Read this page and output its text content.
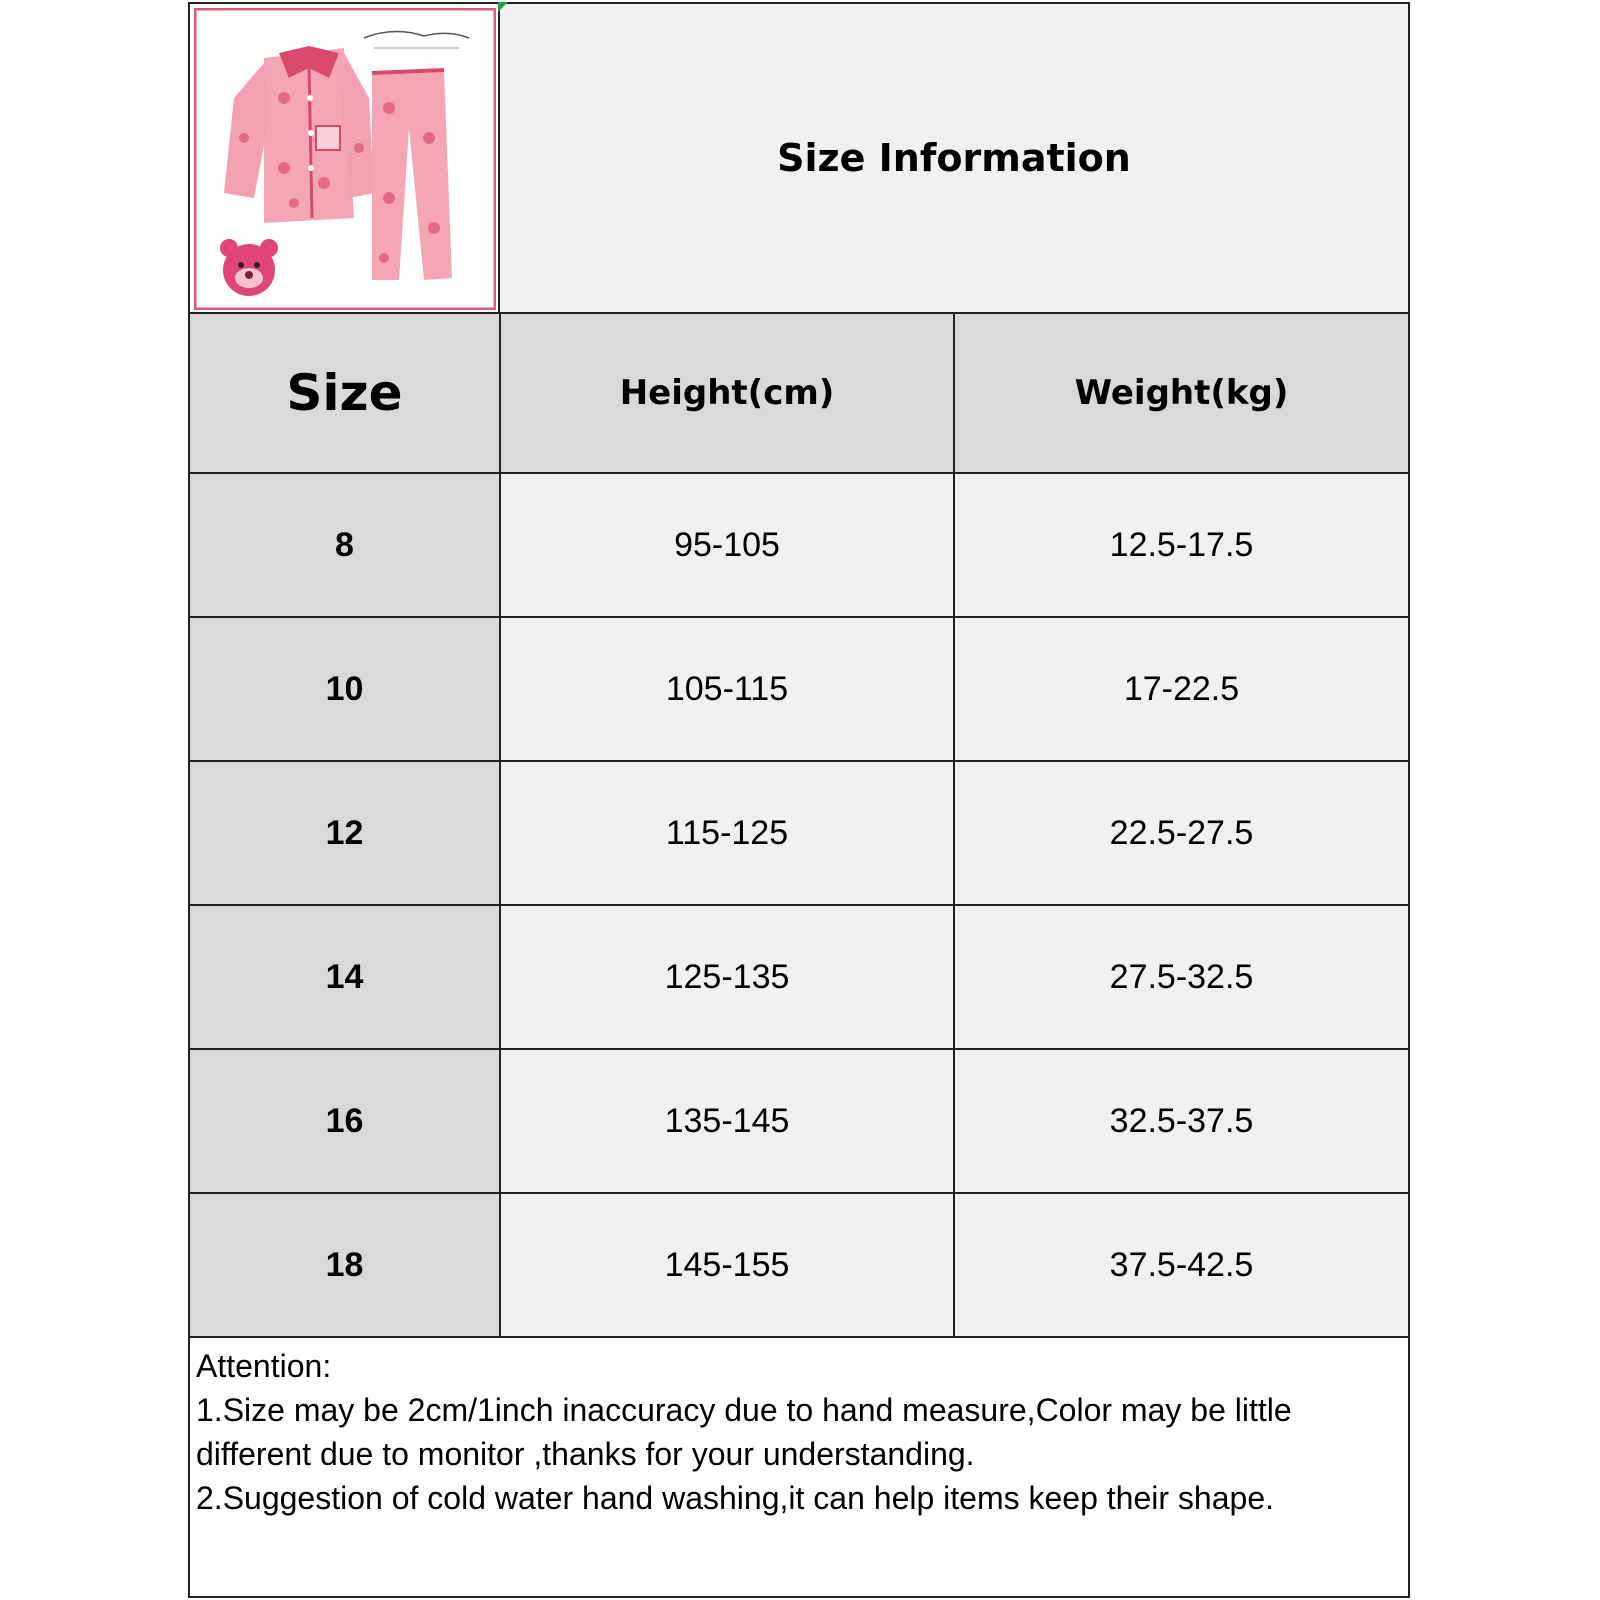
Size Information
Size	Height(cm)	Weight(kg)
8	95-105	12.5-17.5
10	105-115	17-22.5
12	115-125	22.5-27.5
14	125-135	27.5-32.5
16	135-145	32.5-37.5
18	145-155	37.5-42.5

Attention:

1.Size may be 2cm/1inch inaccuracy due to hand measure,Color may be little different due to monitor ,thanks for your understanding.

2.Suggestion of cold water hand washing,it can help items keep their shape.
